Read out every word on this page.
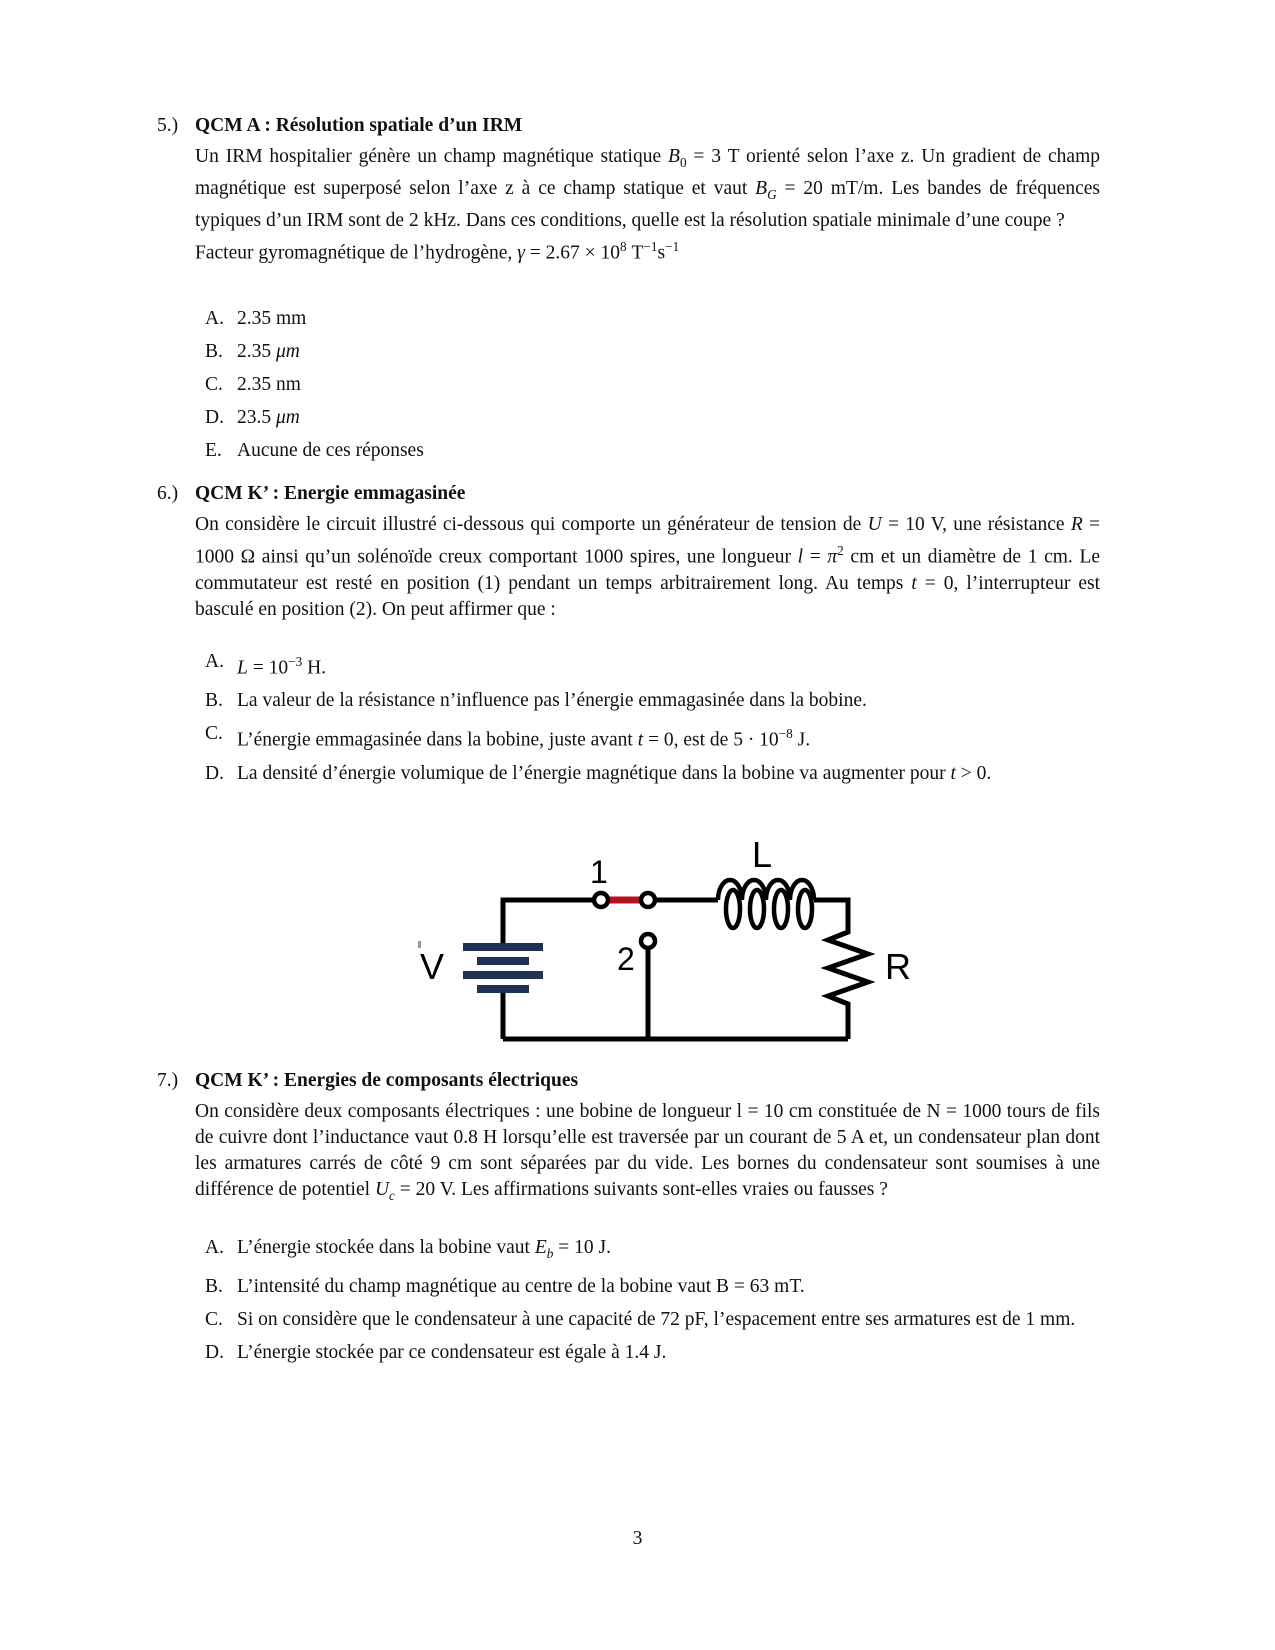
5.) QCM A : Résolution spatiale d’un IRM
Un IRM hospitalier génère un champ magnétique statique $B_0 = 3$ T orienté selon l’axe z. Un gradient de champ magnétique est superposé selon l’axe z à ce champ statique et vaut $B_G = 20$ mT/m. Les bandes de fréquences typiques d’un IRM sont de 2 kHz. Dans ces conditions, quelle est la résolution spatiale minimale d’une coupe ?
Facteur gyromagnétique de l’hydrogène, $\gamma = 2.67 \times 10^8$ $T^{-1}s^{-1}$
A. 2.35 mm
B. 2.35 μm
C. 2.35 nm
D. 23.5 μm
E. Aucune de ces réponses
6.) QCM K’ : Energie emmagasinée
On considère le circuit illustré ci-dessous qui comporte un générateur de tension de U = 10 V, une résistance R = 1000 Ω ainsi qu’un solénoïde creux comportant 1000 spires, une longueur $l = \pi^2$ cm et un diamètre de 1 cm. Le commutateur est resté en position (1) pendant un temps arbitrairement long. Au temps t = 0, l’interrupteur est basculé en position (2). On peut affirmer que :
A. $L = 10^{-3}$ H.
B. La valeur de la résistance n’influence pas l’énergie emmagasinée dans la bobine.
C. L’énergie emmagasinée dans la bobine, juste avant t = 0, est de $5 \cdot 10^{-8}$ J.
D. La densité d’énergie volumique de l’énergie magnétique dans la bobine va augmenter pour t > 0.
V
1
2
L
R
7.) QCM K’ : Energies de composants électriques
On considère deux composants électriques : une bobine de longueur l = 10 cm constituée de N = 1000 tours de fils de cuivre dont l’inductance vaut 0.8 H lorsqu’elle est traversée par un courant de 5 A et, un condensateur plan dont les armatures carrés de côté 9 cm sont séparées par du vide. Les bornes du condensateur sont soumises à une différence de potentiel $U_c = 20$ V. Les affirmations suivants sont-elles vraies ou fausses ?
A. L’énergie stockée dans la bobine vaut $E_b = 10$ J.
B. L’intensité du champ magnétique au centre de la bobine vaut B = 63 mT.
C. Si on considère que le condensateur à une capacité de 72 pF, l’espacement entre ses armatures est de 1 mm.
D. L’énergie stockée par ce condensateur est égale à 1.4 J.
3
